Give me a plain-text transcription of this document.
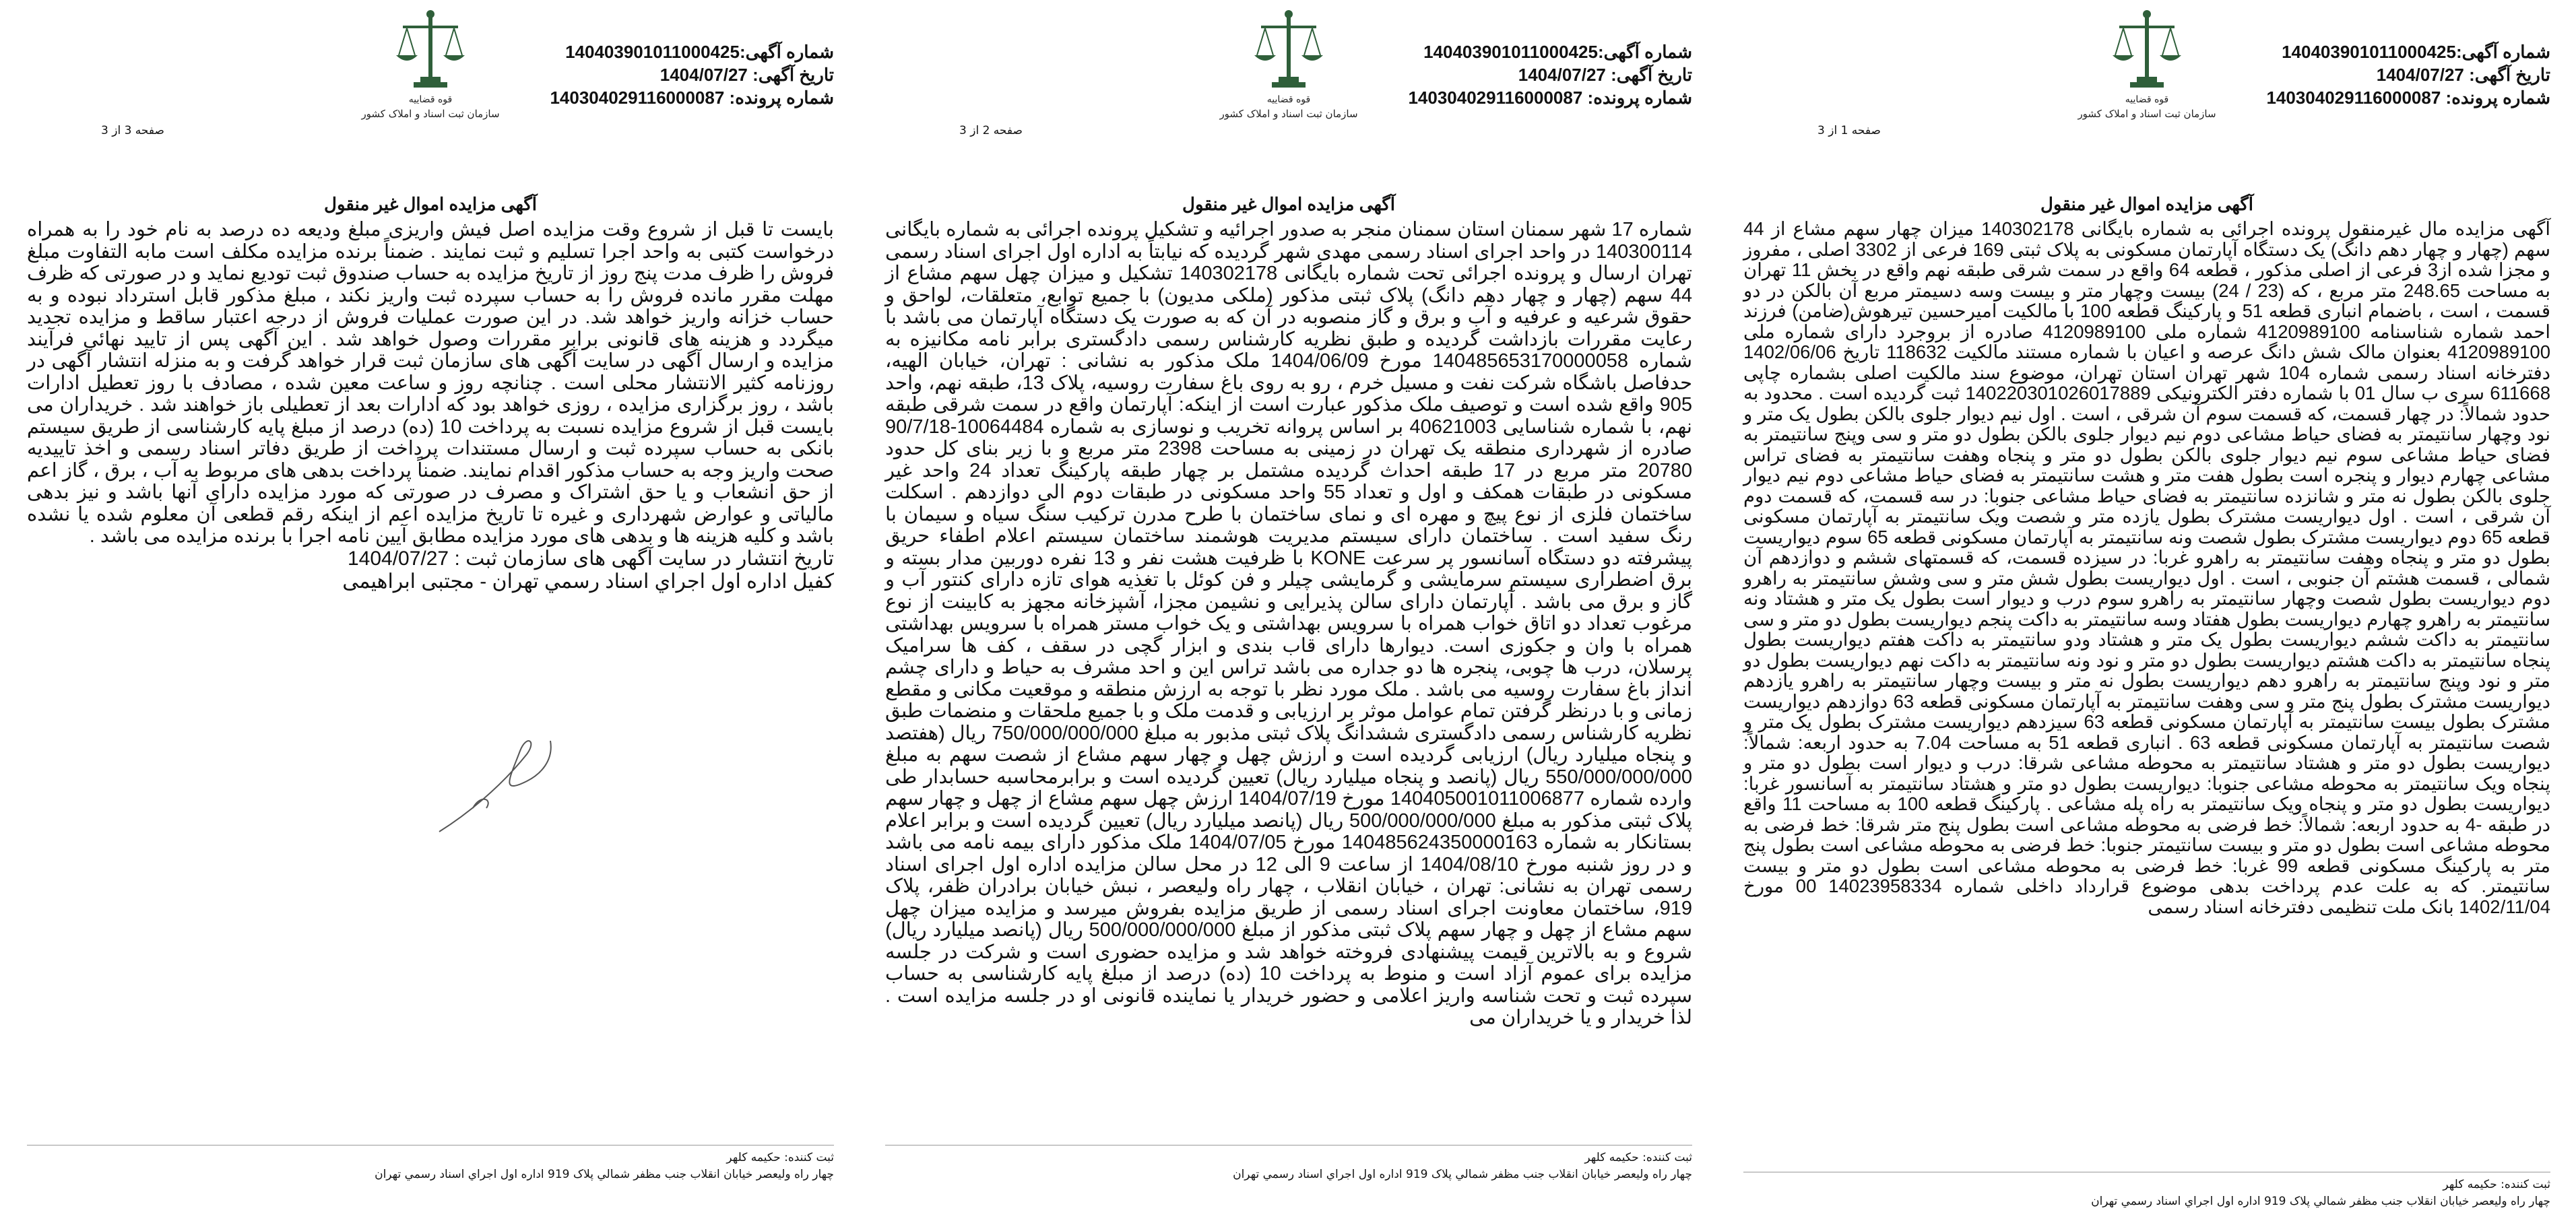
شماره آگهی:140403901011000425
تاریخ آگهی: 1404/07/27
شماره پرونده: 140304029116000087
قوه قضاییه
سازمان ثبت اسناد و املاک کشور
صفحه 1 از 3
آگهی مزایده اموال غیر منقول

آگهی مزایده مال غیرمنقول پرونده اجرائی به شماره بایگانی 140302178 میزان چهار سهم مشاع از 44 سهم (چهار و چهار دهم دانگ) یک دستگاه آپارتمان مسکونی به پلاک ثبتی 169 فرعی از 3302 اصلی ، مفروز و مجزا شده از3 فرعی از اصلی مذکور ، قطعه 64 واقع در سمت شرقی طبقه نهم واقع در بخش 11 تهران به مساحت 248.65 متر مربع ، که (23 / 24) بیست وچهار متر و بیست وسه دسیمتر مربع آن بالکن در دو قسمت ، است ، باضمام انباری قطعه 51 و پارکینگ قطعه 100 با مالکیت امیرحسین تیرهوش(ضامن) فرزند احمد شماره شناسنامه 4120989100 شماره ملی 4120989100 صادره از بروجرد دارای شماره ملی 4120989100 بعنوان مالک شش دانگ عرصه و اعیان با شماره مستند مالکیت 118632 تاریخ 1402/06/06 دفترخانه اسناد رسمی شماره 104 شهر تهران استان تهران، موضوع سند مالکیت اصلی بشماره چاپی 611668 سری ب سال 01 با شماره دفتر الکترونیکی 140220301026017889 ثبت گردیده است . محدود به حدود شمالاً: در چهار قسمت، که قسمت سوم آن شرقی ، است . اول نیم دیوار جلوی بالکن بطول یک متر و نود وچهار سانتیمتر به فضای حیاط مشاعی دوم نیم دیوار جلوی بالکن بطول دو متر و سی وپنج سانتیمتر به فضای حیاط مشاعی سوم نیم دیوار جلوی بالکن بطول دو متر و پنجاه وهفت سانتیمتر به فضای تراس مشاعی چهارم دیوار و پنجره است بطول هفت متر و هشت سانتیمتر به فضای حیاط مشاعی دوم نیم دیوار جلوی بالکن بطول نه متر و شانزده سانتیمتر به فضای حیاط مشاعی جنوبا: در سه قسمت، که قسمت دوم آن شرقی ، است . اول دیواریست مشترک بطول یازده متر و شصت ویک سانتیمتر به آپارتمان مسکونی قطعه 65 دوم دیواریست مشترک بطول شصت ونه سانتیمتر به آپارتمان مسکونی قطعه 65 سوم دیواریست بطول دو متر و پنجاه وهفت سانتیمتر به راهرو غربا: در سیزده قسمت، که قسمتهای ششم و دوازدهم آن شمالی ، قسمت هشتم آن جنوبی ، است . اول دیواریست بطول شش متر و سی وشش سانتیمتر به راهرو دوم دیواریست بطول شصت وچهار سانتیمتر به راهرو سوم درب و دیوار است بطول یک متر و هشتاد ونه سانتیمتر به راهرو چهارم دیواریست بطول هفتاد وسه سانتیمتر به داکت پنجم دیواریست بطول دو متر و سی سانتیمتر به داکت ششم دیواریست بطول یک متر و هشتاد ودو سانتیمتر به داکت هفتم دیواریست بطول پنجاه سانتیمتر به داکت هشتم دیواریست بطول دو متر و نود ونه سانتیمتر به داکت نهم دیواریست بطول دو متر و نود وپنج سانتیمتر به راهرو دهم دیواریست بطول نه متر و بیست وچهار سانتیمتر به راهرو یازدهم دیواریست مشترک بطول پنج متر و سی وهفت سانتیمتر به آپارتمان مسکونی قطعه 63 دوازدهم دیواریست مشترک بطول بیست سانتیمتر به آپارتمان مسکونی قطعه 63 سیزدهم دیواریست مشترک بطول یک متر و شصت سانتیمتر به آپارتمان مسکونی قطعه 63 . انباری قطعه 51 به مساحت 7.04 به حدود اربعه: شمالاً: دیواریست بطول دو متر و هشتاد سانتیمتر به محوطه مشاعی شرقا: درب و دیوار است بطول دو متر و پنجاه ویک سانتیمتر به محوطه مشاعی جنوبا: دیواریست بطول دو متر و هشتاد سانتیمتر به آسانسور غربا: دیواریست بطول دو متر و پنجاه ویک سانتیمتر به راه پله مشاعی . پارکینگ قطعه 100 به مساحت 11 واقع در طبقه -4 به حدود اربعه: شمالاً: خط فرضی به محوطه مشاعی است بطول پنج متر شرقا: خط فرضی به محوطه مشاعی است بطول دو متر و بیست سانتیمتر جنوبا: خط فرضی به محوطه مشاعی است بطول پنج متر به پارکینگ مسکونی قطعه 99 غربا: خط فرضی به محوطه مشاعی است بطول دو متر و بیست سانتیمتر. که به علت عدم پرداخت بدهی موضوع قرارداد داخلی شماره 14023958334 00 مورخ 1402/11/04 بانک ملت تنظیمی دفترخانه اسناد رسمی

ثبت کننده: حکیمه کلهر
چهار راه ولیعصر خیابان انقلاب جنب مظفر شمالي پلاک 919 اداره اول اجراي اسناد رسمي تهران
شماره آگهی:140403901011000425
تاریخ آگهی: 1404/07/27
شماره پرونده: 140304029116000087
قوه قضاییه
سازمان ثبت اسناد و املاک کشور
صفحه 2 از 3
آگهی مزایده اموال غیر منقول

شماره 17 شهر سمنان استان سمنان منجر به صدور اجرائیه و تشکیل پرونده اجرائی به شماره بایگانی 140300114 در واحد اجرای اسناد رسمی مهدی شهر گردیده که نیابتاً به اداره اول اجرای اسناد رسمی تهران ارسال و پرونده اجرائی تحت شماره بایگانی 140302178 تشکیل و میزان چهل سهم مشاع از 44 سهم (چهار و چهار دهم دانگ) پلاک ثبتی مذکور (ملکی مدیون) با جمیع توابع، متعلقات، لواحق و حقوق شرعیه و عرفیه و آب و برق و گاز منصوبه در آن که به صورت یک دستگاه آپارتمان می باشد با رعایت مقررات بازداشت گردیده و طبق نظریه کارشناس رسمی دادگستری برابر نامه مکانیزه به شماره 140485653170000058 مورخ 1404/06/09 ملک مذکور به نشانی : تهران، خیابان الهیه، حدفاصل باشگاه شرکت نفت و مسیل خرم ، رو به روی باغ سفارت روسیه، پلاک 13، طبقه نهم، واحد 905 واقع شده است و توصیف ملک مذکور عبارت است از اینکه: آپارتمان واقع در سمت شرقی طبقه نهم، با شماره شناسایی 40621003 بر اساس پروانه تخریب و نوسازی به شماره 10064484-90/7/18 صادره از شهرداری منطقه یک تهران در زمینی به مساحت 2398 متر مربع و با زیر بنای کل حدود 20780 متر مربع در 17 طبقه احداث گردیده مشتمل بر چهار طبقه پارکینگ تعداد 24 واحد غیر مسکونی در طبقات همکف و اول و تعداد 55 واحد مسکونی در طبقات دوم الی دوازدهم . اسکلت ساختمان فلزی از نوع پیچ و مهره ای و نمای ساختمان با طرح مدرن ترکیب سنگ سیاه و سیمان با رنگ سفید است . ساختمان دارای سیستم مدیریت هوشمند ساختمان سیستم اعلام اطفاء حریق پیشرفته دو دستگاه آسانسور پر سرعت KONE با ظرفیت هشت نفر و 13 نفره دوربین مدار بسته و برق اضطراری سیستم سرمایشی و گرمایشی چیلر و فن کوئل با تغذیه هوای تازه دارای کنتور آب و گاز و برق می باشد . آپارتمان دارای سالن پذیرایی و نشیمن مجزا، آشپزخانه مجهز به کابینت از نوع مرغوب تعداد دو اتاق خواب همراه با سرویس بهداشتی و یک خواب مستر همراه با سرویس بهداشتی همراه با وان و جکوزی است. دیوارها دارای قاب بندی و ابزار گچی در سقف ، کف ها سرامیک پرسلان، درب ها چوبی، پنجره ها دو جداره می باشد تراس این و احد مشرف به حیاط و دارای چشم انداز باغ سفارت روسیه می باشد . ملک مورد نظر با توجه به ارزش منطقه و موقعیت مکانی و مقطع زمانی و با درنظر گرفتن تمام عوامل موثر بر ارزیابی و قدمت ملک و با جمیع ملحقات و منضمات طبق نظریه کارشناس رسمی دادگستری ششدانگ پلاک ثبتی مذبور به مبلغ 750/000/000/000 ریال (هفتصد و پنجاه میلیارد ریال) ارزیابی گردیده است و ارزش چهل و چهار سهم مشاع از شصت سهم به مبلغ 550/000/000/000 ریال (پانصد و پنجاه میلیارد ریال) تعیین گردیده است و برابرمحاسبه حسابدار طی وارده شماره 140405001011006877 مورخ 1404/07/19 ارزش چهل سهم مشاع از چهل و چهار سهم پلاک ثبتی مذکور به مبلغ 500/000/000/000 ریال (پانصد میلیارد ریال) تعیین گردیده است و برابر اعلام بستانکار به شماره 140485624350000163 مورخ 1404/07/05 ملک مذکور دارای بیمه نامه می باشد و در روز شنبه مورخ 1404/08/10 از ساعت 9 الی 12 در محل سالن مزایده اداره اول اجرای اسناد رسمی تهران به نشانی: تهران ، خیابان انقلاب ، چهار راه ولیعصر ، نبش خیابان برادران ظفر، پلاک 919، ساختمان معاونت اجرای اسناد رسمی از طریق مزایده بفروش میرسد و مزایده میزان چهل سهم مشاع از چهل و چهار سهم پلاک ثبتی مذکور از مبلغ 500/000/000/000 ریال (پانصد میلیارد ریال) شروع و به بالاترین قیمت پیشنهادی فروخته خواهد شد و مزایده حضوری است و شرکت در جلسه مزایده برای عموم آزاد است و منوط به پرداخت 10 (ده) درصد از مبلغ پایه کارشناسی به حساب سپرده ثبت و تحت شناسه واریز اعلامی و حضور خریدار یا نماینده قانونی او در جلسه مزایده است . لذا خریدار و یا خریداران می

ثبت کننده: حکیمه کلهر
چهار راه ولیعصر خیابان انقلاب جنب مظفر شمالي پلاک 919 اداره اول اجراي اسناد رسمي تهران
شماره آگهی:140403901011000425
تاریخ آگهی: 1404/07/27
شماره پرونده: 140304029116000087
قوه قضاییه
سازمان ثبت اسناد و املاک کشور
صفحه 3 از 3
آگهی مزایده اموال غیر منقول

بایست تا قبل از شروع وقت مزایده اصل فیش واریزی مبلغ ودیعه ده درصد به نام خود را به همراه درخواست کتبی به واحد اجرا تسلیم و ثبت نمایند . ضمناً برنده مزایده مکلف است مابه التفاوت مبلغ فروش را ظرف مدت پنج روز از تاریخ مزایده به حساب صندوق ثبت تودیع نماید و در صورتی که ظرف مهلت مقرر مانده فروش را به حساب سپرده ثبت واریز نکند ، مبلغ مذکور قابل استرداد نبوده و به حساب خزانه واریز خواهد شد. در این صورت عملیات فروش از درجه اعتبار ساقط و مزایده تجدید میگردد و هزینه های قانونی برابر مقررات وصول خواهد شد . این آگهی پس از تایید نهائی فرآیند مزایده و ارسال آگهی در سایت آگهی های سازمان ثبت قرار خواهد گرفت و به منزله انتشار آگهی در روزنامه کثیر الانتشار محلی است . چنانچه روز و ساعت معین شده ، مصادف با روز تعطیل ادارات باشد ، روز برگزاری مزایده ، روزی خواهد بود که ادارات بعد از تعطیلی باز خواهند شد . خریداران می بایست قبل از شروع مزایده نسبت به پرداخت 10 (ده) درصد از مبلغ پایه کارشناسی از طریق سیستم بانکی به حساب سپرده ثبت و ارسال مستندات پرداخت از طریق دفاتر اسناد رسمی و اخذ تاییدیه صحت واریز وجه به حساب مذکور اقدام نمایند. ضمناً پرداخت بدهی های مربوط به آب ، برق ، گاز اعم از حق انشعاب و یا حق اشتراک و مصرف در صورتی که مورد مزایده دارای آنها باشد و نیز بدهی مالیاتی و عوارض شهرداری و غیره تا تاریخ مزایده اعم از اینکه رقم قطعی آن معلوم شده یا نشده باشد و کلیه هزینه ها و بدهی های مورد مزایده مطابق آیین نامه اجرا با برنده مزایده می باشد .

تاریخ انتشار در سایت آگهی های سازمان ثبت : 1404/07/27

کفیل اداره اول اجراي اسناد رسمي تهران - مجتبی ابراهیمی

ثبت کننده: حکیمه کلهر
چهار راه ولیعصر خیابان انقلاب جنب مظفر شمالي پلاک 919 اداره اول اجراي اسناد رسمي تهران
